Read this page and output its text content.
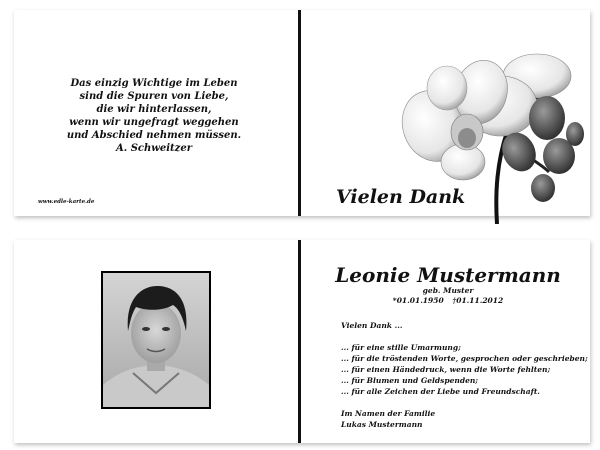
Das einzig Wichtige im Leben
sind die Spuren von Liebe,
die wir hinterlassen,
wenn wir ungefragt weggehen
und Abschied nehmen müssen.
A. Schweitzer
www.edle-karte.de	Vielen Dank
Leonie Mustermann
geb. Muster
*01.01.1950 †01.11.2012
Vielen Dank ...
... für eine stille Umarmung;
... für die tröstenden Worte, gesprochen oder geschrieben;
... für einen Händedruck, wenn die Worte fehlten;
... für Blumen und Geldspenden;
... für alle Zeichen der Liebe und Freundschaft.
Im Namen der Familie
Lukas Mustermann
